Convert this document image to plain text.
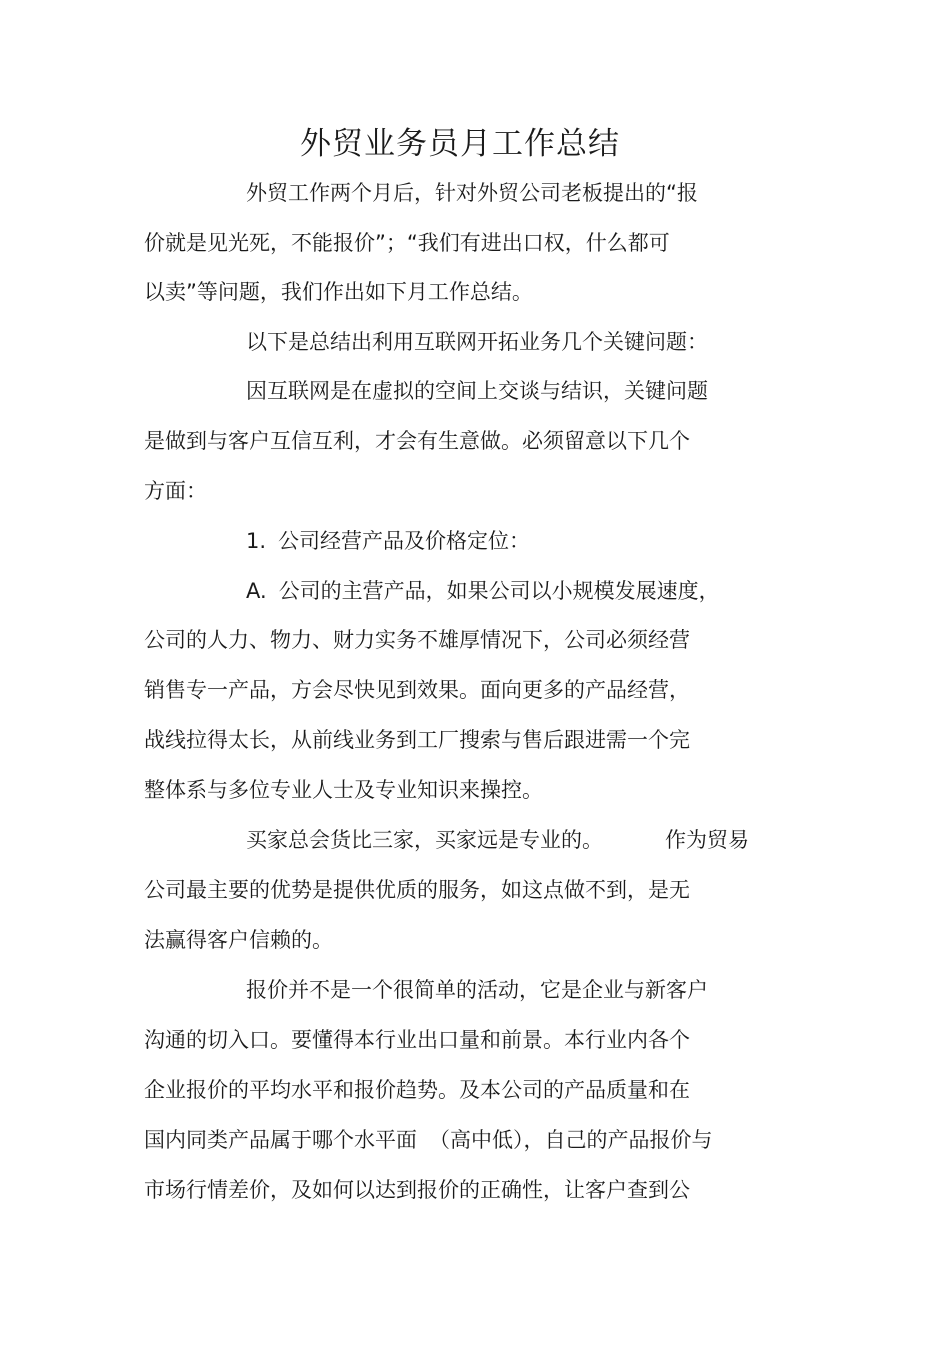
外贸业务员月工作总结

外贸工作两个月后，针对外贸公司老板提出的“报

价就是见光死，不能报价”；“我们有进出口权，什么都可

以卖”等问题，我们作出如下月工作总结。

以下是总结出利用互联网开拓业务几个关键问题：

因互联网是在虚拟的空间上交谈与结识，关键问题

是做到与客户互信互利，才会有生意做。必须留意以下几个

方面：

1. 公司经营产品及价格定位：

A. 公司的主营产品，如果公司以小规模发展速度，

公司的人力、物力、财力实务不雄厚情况下，公司必须经营

销售专一产品，方会尽快见到效果。面向更多的产品经营，

战线拉得太长，从前线业务到工厂搜索与售后跟进需一个完

整体系与多位专业人士及专业知识来操控。

买家总会货比三家，买家远是专业的。	作为贸易

公司最主要的优势是提供优质的服务，如这点做不到，是无

法赢得客户信赖的。

报价并不是一个很简单的活动，它是企业与新客户

沟通的切入口。要懂得本行业出口量和前景。本行业内各个

企业报价的平均水平和报价趋势。及本公司的产品质量和在

国内同类产品属于哪个水平面 （高中低），自己的产品报价与

市场行情差价，及如何以达到报价的正确性，让客户查到公
